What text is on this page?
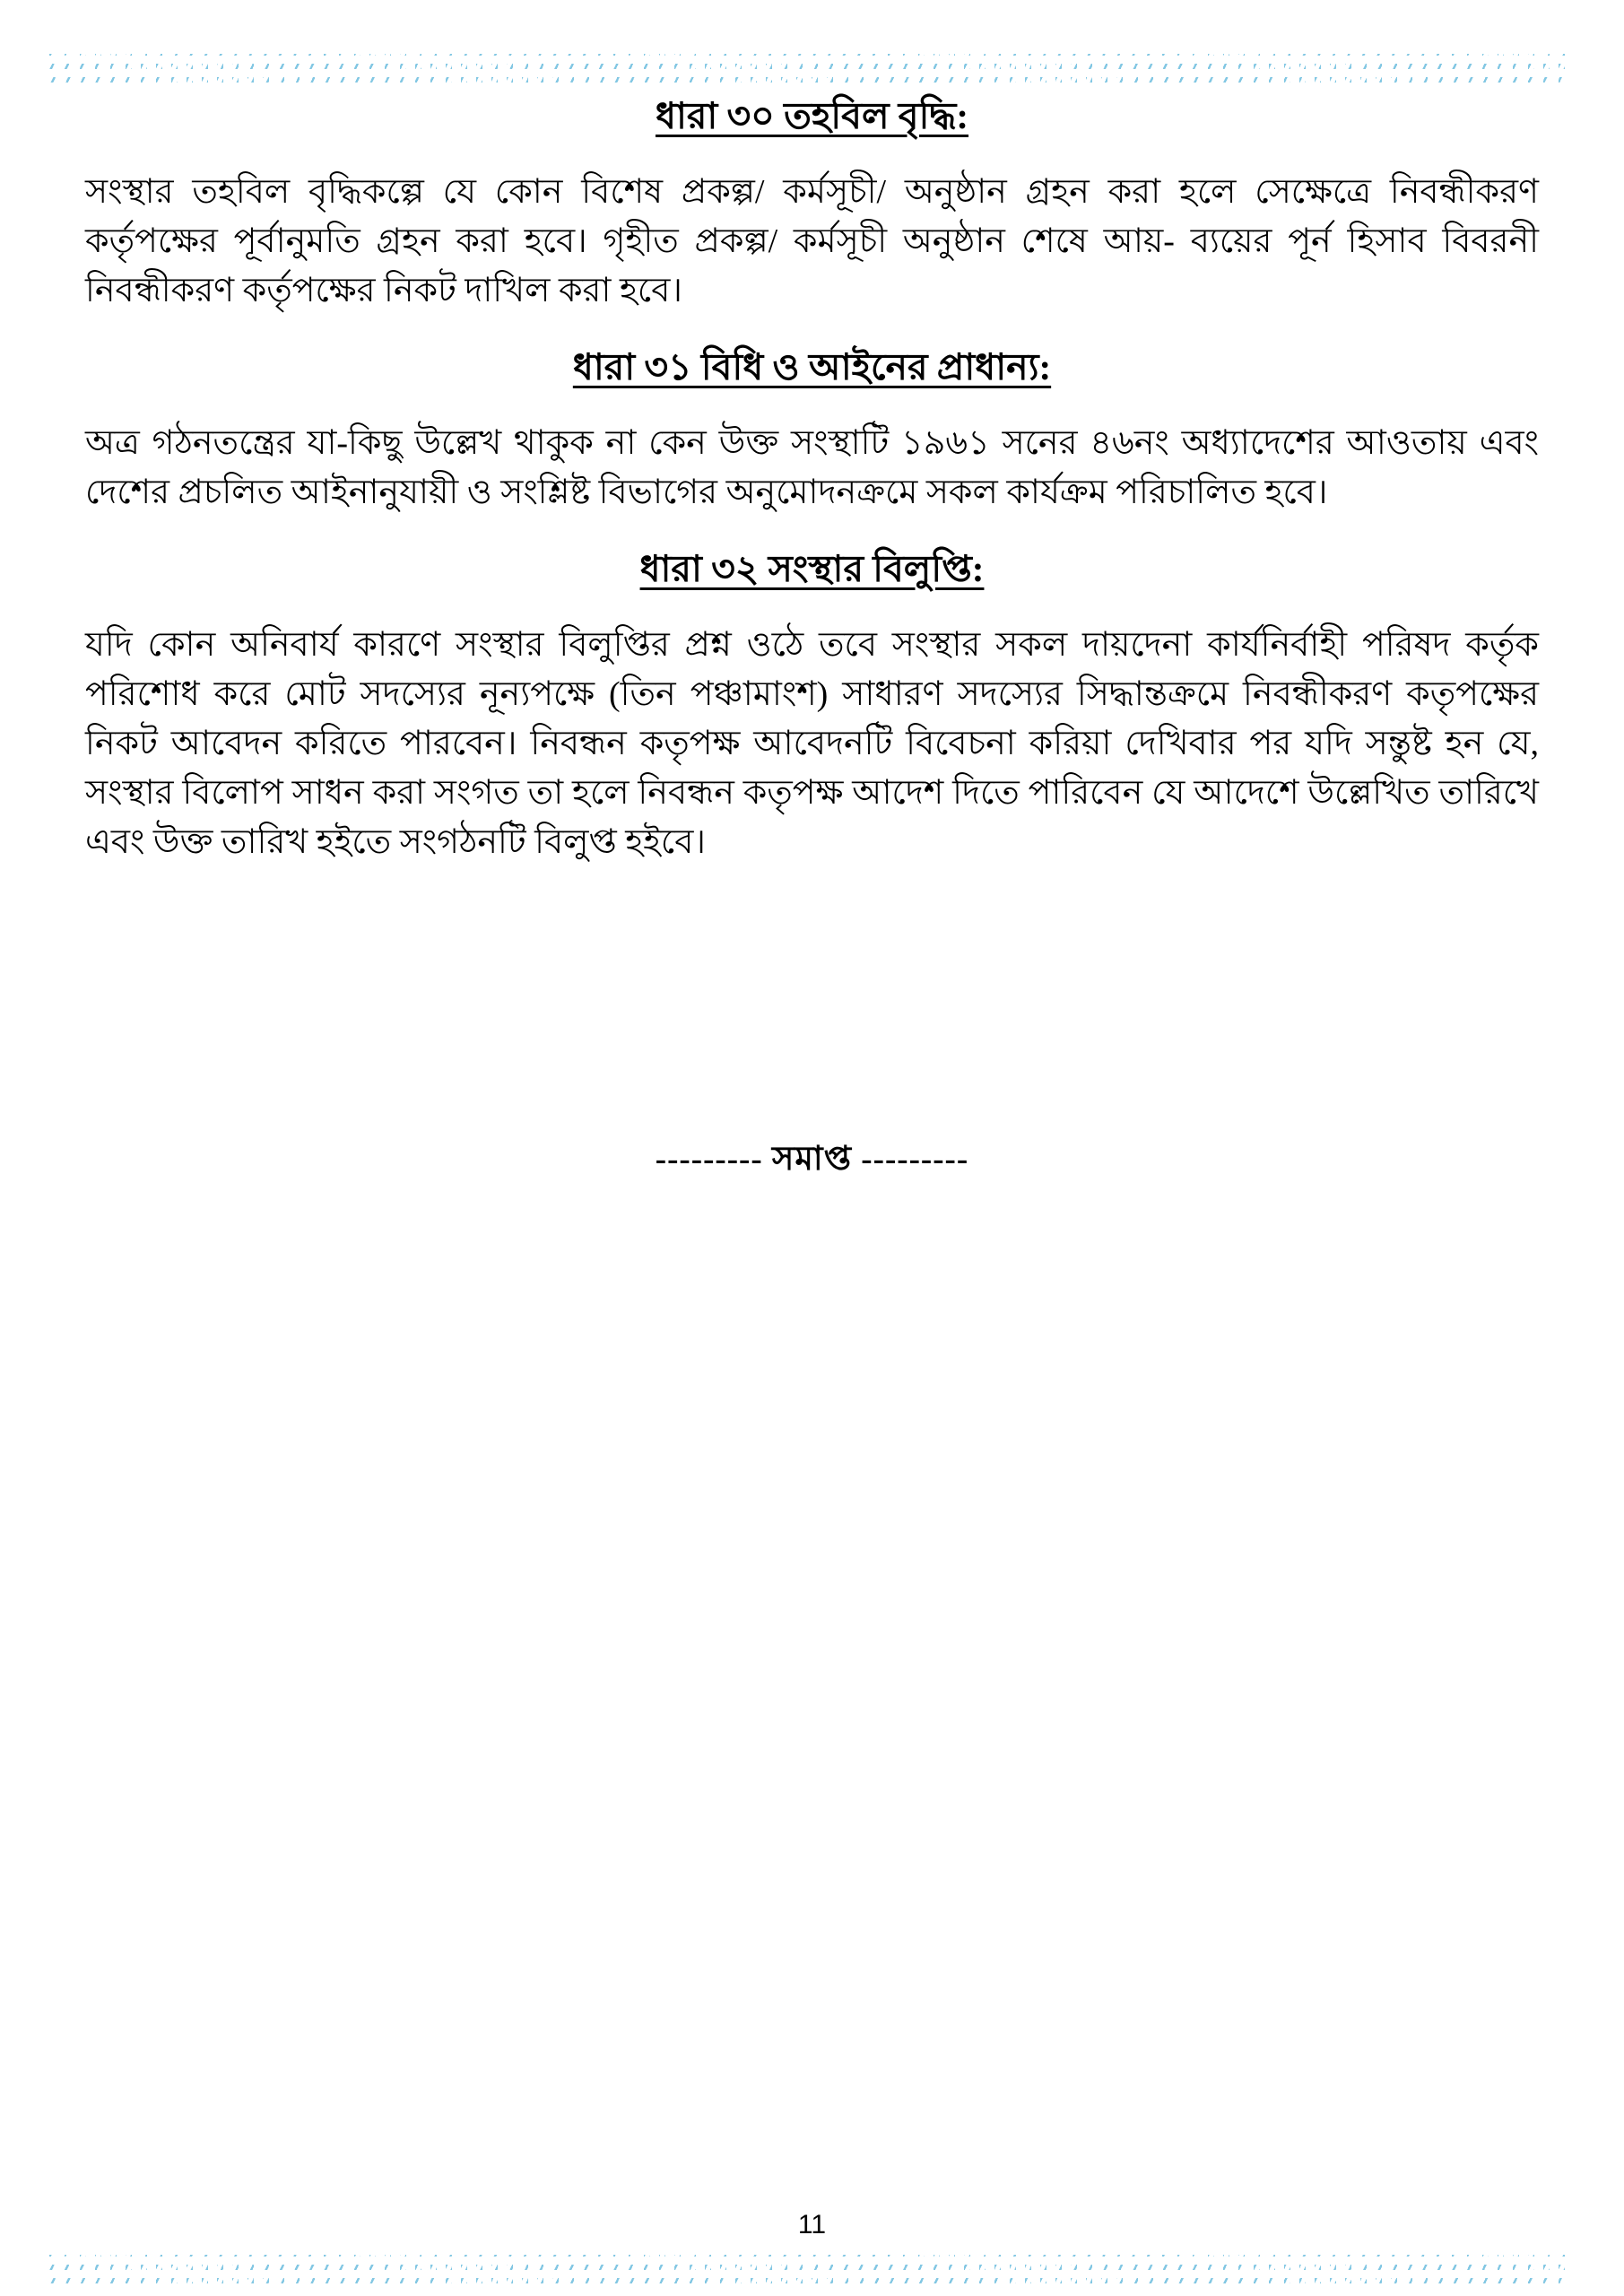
ধারা ৩০ তহবিল বৃদ্ধি:

সংস্থার তহবিল বৃদ্ধিকল্পে যে কোন বিশেষ প্রকল্প/ কর্মসূচী/ অনুষ্ঠান গ্রহন করা হলে সেক্ষেত্রে নিবন্ধীকরণ কর্তৃপক্ষের পূর্বানুমতি গ্রহন করা হবে। গৃহীত প্রকল্প/ কর্মসূচী অনুষ্ঠান শেষে আয়- ব্যয়ের পূর্ন হিসাব বিবরনী নিবন্ধীকরণ কর্তৃপক্ষের নিকট দাখিল করা হবে।

ধারা ৩১ বিধি ও আইনের প্রাধান্য:

অত্র গঠনতন্ত্রের যা-কিছু উল্লেখ থাকুক না কেন উক্ত সংস্থাটি ১৯৬১ সনের ৪৬নং অধ্যাদেশের আওতায় এবং দেশের প্রচলিত আইনানুযায়ী ও সংশ্লিষ্ট বিভাগের অনুমোদনক্রমে সকল কার্যক্রম পরিচালিত হবে।

ধারা ৩২ সংস্থার বিলুপ্তি:

যদি কোন অনিবার্য কারণে সংস্থার বিলুপ্তির প্রশ্ন ওঠে তবে সংস্থার সকল দায়দেনা কার্যনির্বাহী পরিষদ কর্তৃক পরিশোধ করে মোট সদস্যের নূন্যপক্ষে (তিন পঞ্চামাংশ) সাধারণ সদস্যের সিদ্ধান্তক্রমে নিবন্ধীকরণ কতৃপক্ষের নিকট আবেদন করিতে পারবেন। নিবন্ধন কতৃপক্ষ আবেদনটি বিবেচনা করিয়া দেখিবার পর যদি সন্তুষ্ট হন যে, সংস্থার বিলোপ সাধন করা সংগত তা হলে নিবন্ধন কতৃপক্ষ আদেশ দিতে পারিবেন যে আদেশে উল্লেখিত তারিখে এবং উক্ত তারিখ হইতে সংগঠনটি বিলুপ্ত হইবে।

--------- সমাপ্ত ---------

11
